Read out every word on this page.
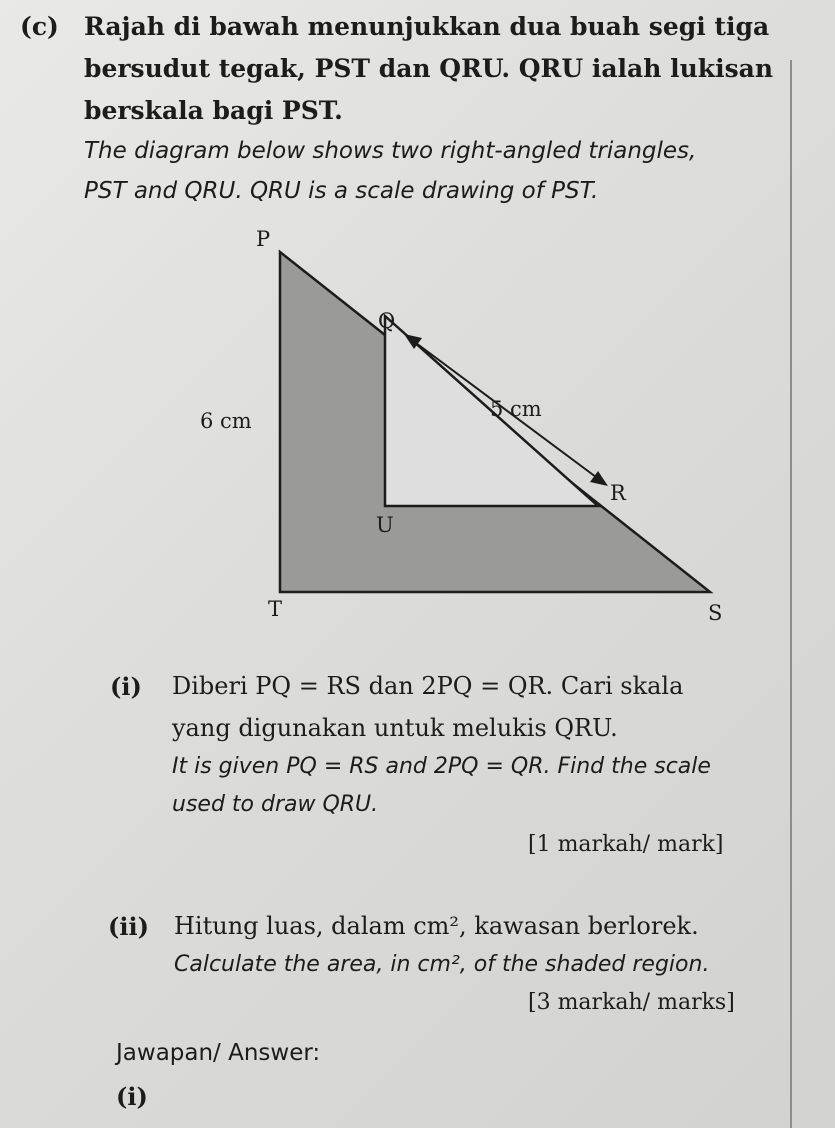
(c) Rajah di bawah menunjukkan dua buah segi tiga
bersudut tegak, PST dan QRU. QRU ialah lukisan
berskala bagi PST.
The diagram below shows two right-angled triangles,
PST and QRU. QRU is a scale drawing of PST.
P
Q
R
U
T	S
6 cm	5 cm
(i) Diberi PQ = RS dan 2PQ = QR. Cari skala
yang digunakan untuk melukis QRU.
It is given PQ = RS and 2PQ = QR. Find the scale
used to draw QRU.
[1 markah/ mark]
(ii) Hitung luas, dalam cm², kawasan berlorek.
Calculate the area, in cm², of the shaded region.
[3 markah/ marks]
Jawapan/ Answer:
(i)
